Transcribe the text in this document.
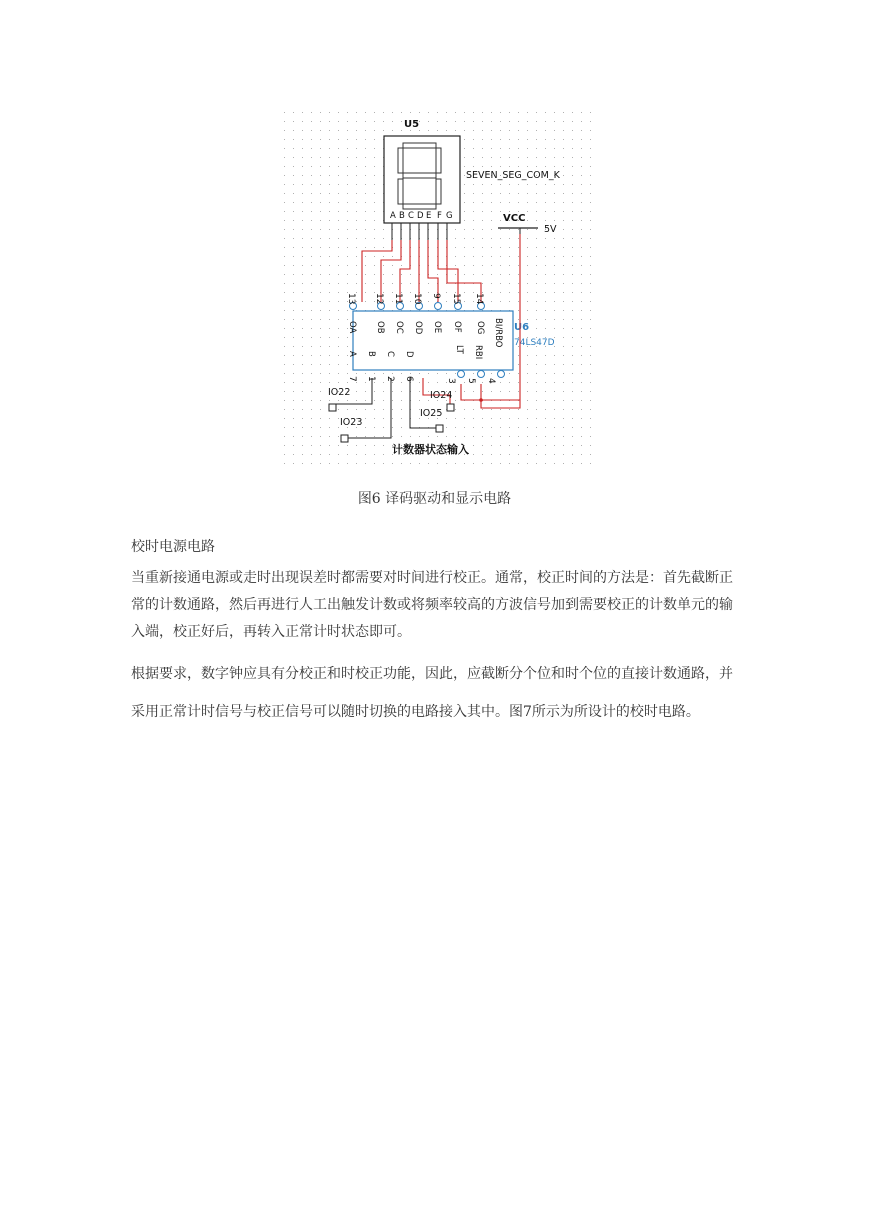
U5
SEVEN_SEG_COM_K
A B C D E F G	VCC
5V
U6
74LS47D
13
OA
12
OB
11
OC
10
OD
9
OE
15
OF
14
OG
7
A
1
B
2
C
6
D
3
LT
5
RBI
4
BI/RBO
IO22
IO23
IO24
IO25
计数器状态输入
图6 译码驱动和显示电路
校时电源电路

当重新接通电源或走时出现误差时都需要对时间进行校正。通常，校正时间的方法是：首先截断正常的计数通路，然后再进行人工出触发计数或将频率较高的方波信号加到需要校正的计数单元的输入端，校正好后，再转入正常计时状态即可。

根据要求，数字钟应具有分校正和时校正功能，因此，应截断分个位和时个位的直接计数通路，并采用正常计时信号与校正信号可以随时切换的电路接入其中。图7所示为所设计的校时电路。
